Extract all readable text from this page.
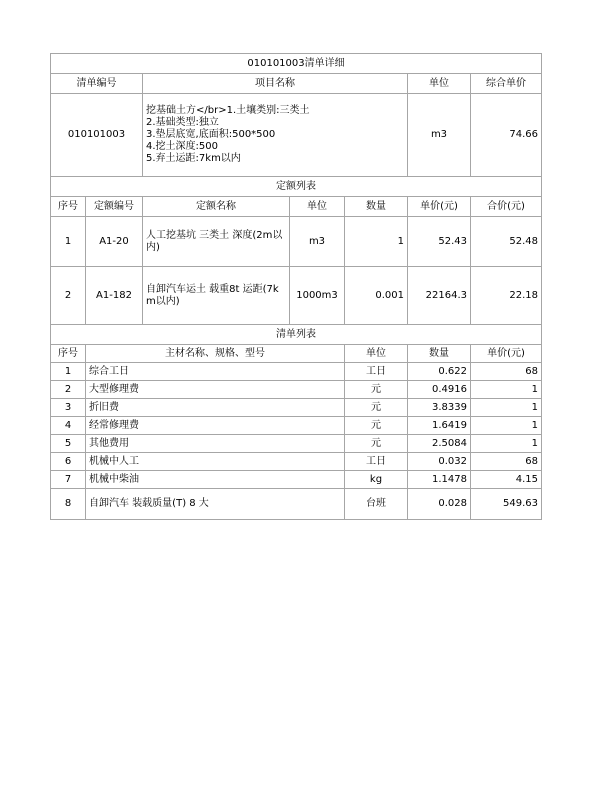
010101003清单详细							
清单编号		项目名称			单位	综合单价	
010101003		挖基础土方</br>1.土壤类别:三类土
2.基础类型:独立
3.垫层底宽,底面积:500*500
4.挖土深度:500
5.弃土运距:7km以内			m3	74.66	
定额列表							
序号	定额编号	定额名称	单位	数量	单价(元)	合价(元)	
1	A1-20	人工挖基坑 三类土 深度(2m以内)	m3	1	52.43	52.48	
2	A1-182	自卸汽车运土 载重8t 运距(7km以内)	1000m3	0.001	22164.3	22.18	
清单列表							
序号	主材名称、规格、型号			单位	数量	单价(元)	
1	综合工日			工日	0.622	68	
2	大型修理费			元	0.4916	1	
3	折旧费			元	3.8339	1	
4	经常修理费			元	1.6419	1	
5	其他费用			元	2.5084	1	
6	机械中人工			工日	0.032	68	
7	机械中柴油			kg	1.1478	4.15	
8	自卸汽车 装载质量(T) 8 大			台班	0.028	549.63	
